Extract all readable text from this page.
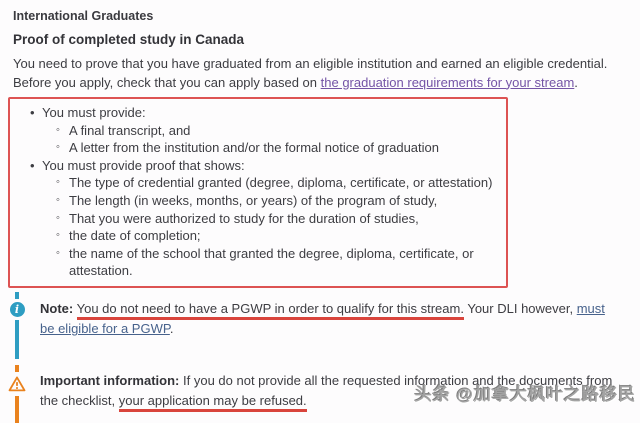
International Graduates
Proof of completed study in Canada

You need to prove that you have graduated from an eligible institution and earned an eligible credential. Before you apply, check that you can apply based on the graduation requirements for your stream.

• You must provide:
◦ A final transcript, and
◦ A letter from the institution and/or the formal notice of graduation
• You must provide proof that shows:
◦ The type of credential granted (degree, diploma, certificate, or attestation)
◦ The length (in weeks, months, or years) of the program of study,
◦ That you were authorized to study for the duration of studies,
◦ the date of completion;
◦ the name of the school that granted the degree, diploma, certificate, or attestation.
i	Note: You do not need to have a PGWP in order to qualify for this stream. Your DLI however, must be eligible for a PGWP.
Important information: If you do not provide all the requested information and the documents from the checklist, your application may be refused.	头条 @加拿大枫叶之路移民
